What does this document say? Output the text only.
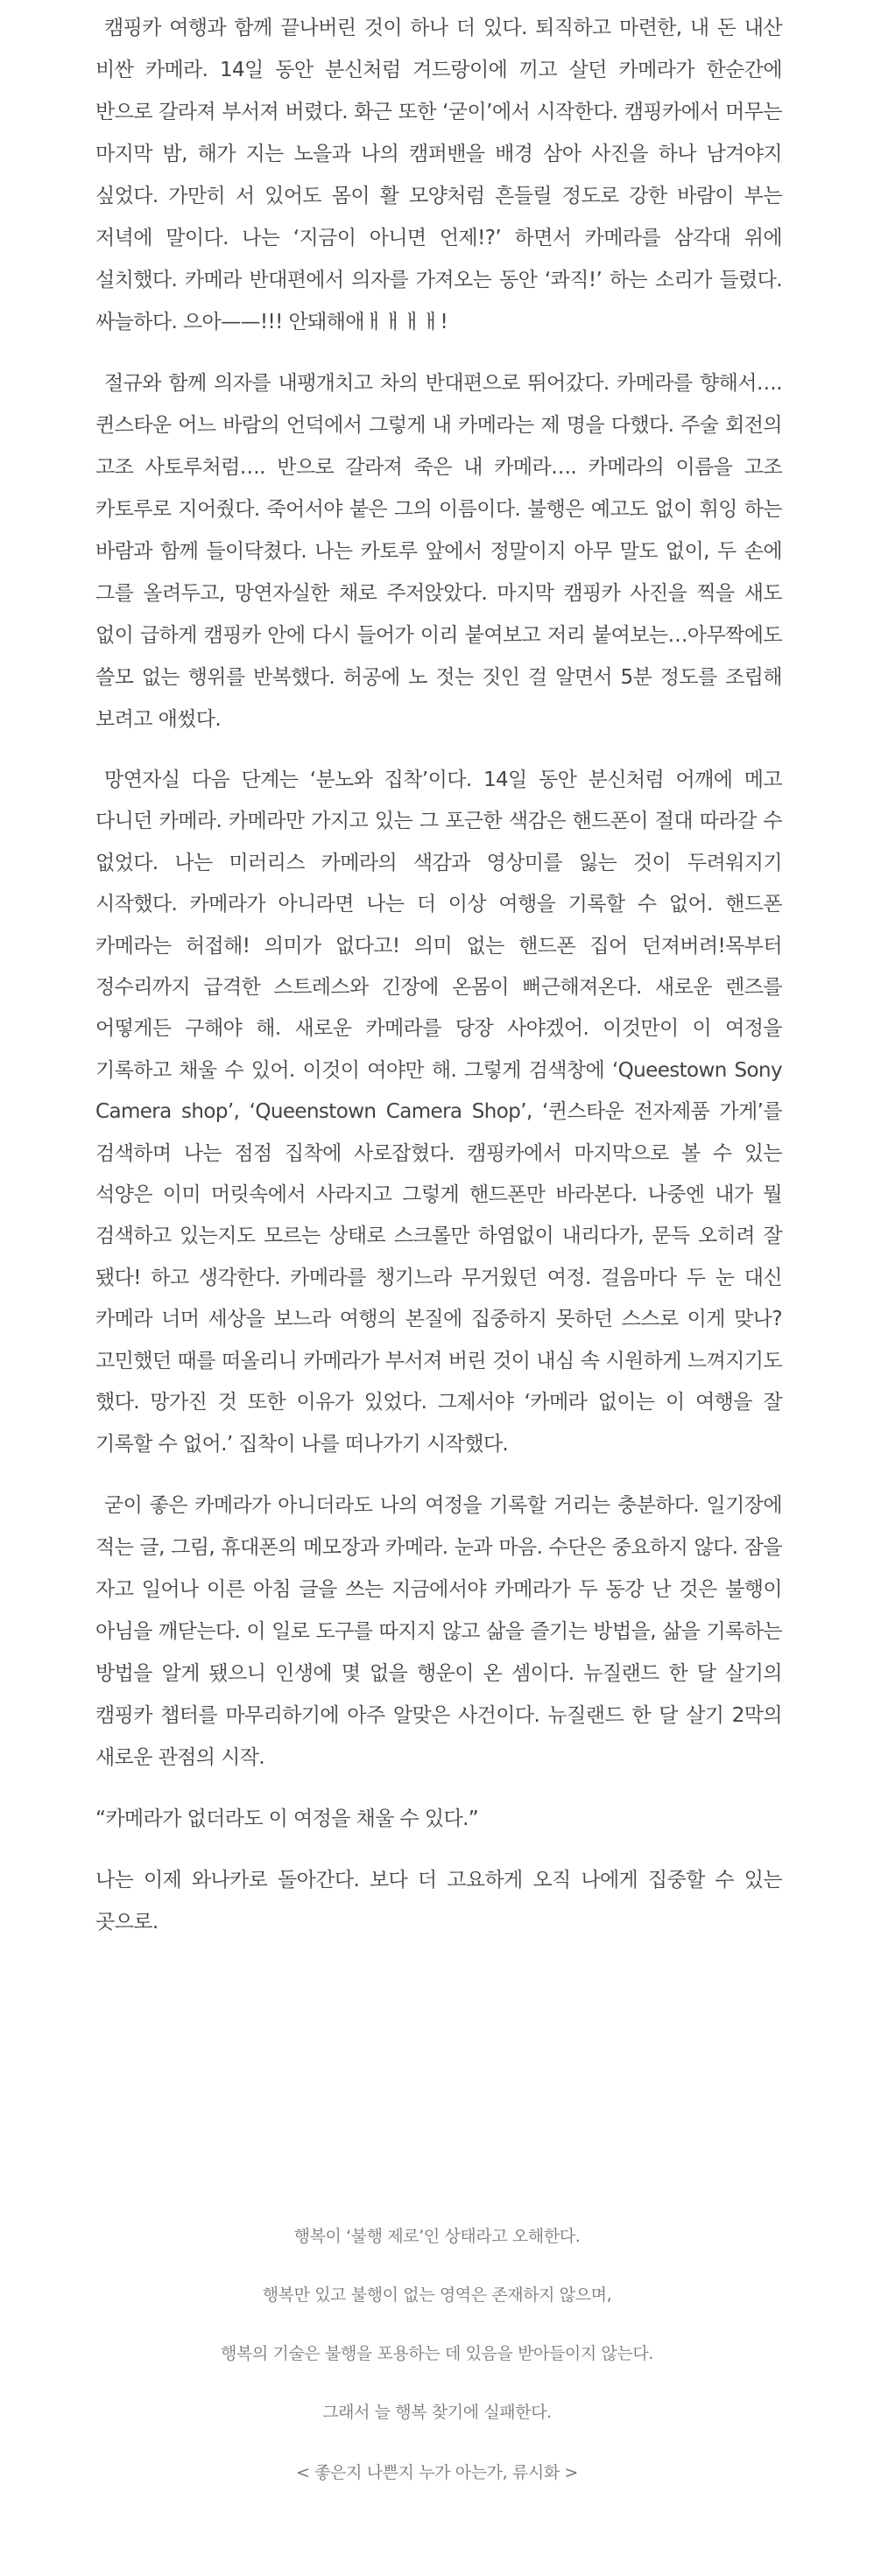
캠핑카 여행과 함께 끝나버린 것이 하나 더 있다. 퇴직하고 마련한, 내 돈 내산 비싼 카메라. 14일 동안 분신처럼 겨드랑이에 끼고 살던 카메라가 한순간에 반으로 갈라져 부서져 버렸다. 화근 또한 ‘굳이’에서 시작한다. 캠핑카에서 머무는 마지막 밤, 해가 지는 노을과 나의 캠퍼밴을 배경 삼아 사진을 하나 남겨야지 싶었다. 가만히 서 있어도 몸이 활 모양처럼 흔들릴 정도로 강한 바람이 부는 저녁에 말이다. 나는 ‘지금이 아니면 언제!?’ 하면서 카메라를 삼각대 위에 설치했다. 카메라 반대편에서 의자를 가져오는 동안 ‘콰직!’ 하는 소리가 들렸다. 싸늘하다. 으아——!!! 안돼해애ㅐㅐㅐㅐ!

절규와 함께 의자를 내팽개치고 차의 반대편으로 뛰어갔다. 카메라를 향해서…. 퀸스타운 어느 바람의 언덕에서 그렇게 내 카메라는 제 명을 다했다. 주술 회전의 고조 사토루처럼…. 반으로 갈라져 죽은 내 카메라…. 카메라의 이름을 고조 카토루로 지어줬다. 죽어서야 붙은 그의 이름이다. 불행은 예고도 없이 휘잉 하는 바람과 함께 들이닥쳤다. 나는 카토루 앞에서 정말이지 아무 말도 없이, 두 손에 그를 올려두고, 망연자실한 채로 주저앉았다. 마지막 캠핑카 사진을 찍을 새도 없이 급하게 캠핑카 안에 다시 들어가 이리 붙여보고 저리 붙여보는…아무짝에도 쓸모 없는 행위를 반복했다. 허공에 노 젓는 짓인 걸 알면서 5분 정도를 조립해 보려고 애썼다.

망연자실 다음 단계는 ‘분노와 집착’이다. 14일 동안 분신처럼 어깨에 메고 다니던 카메라. 카메라만 가지고 있는 그 포근한 색감은 핸드폰이 절대 따라갈 수 없었다. 나는 미러리스 카메라의 색감과 영상미를 잃는 것이 두려워지기 시작했다. 카메라가 아니라면 나는 더 이상 여행을 기록할 수 없어. 핸드폰 카메라는 허접해! 의미가 없다고! 의미 없는 핸드폰 집어 던져버려!목부터 정수리까지 급격한 스트레스와 긴장에 온몸이 뻐근해져온다. 새로운 렌즈를 어떻게든 구해야 해. 새로운 카메라를 당장 사야겠어. 이것만이 이 여정을 기록하고 채울 수 있어. 이것이 여야만 해. 그렇게 검색창에 ‘Queestown Sony Camera shop’, ‘Queenstown Camera Shop’, ‘퀸스타운 전자제품 가게’를 검색하며 나는 점점 집착에 사로잡혔다. 캠핑카에서 마지막으로 볼 수 있는 석양은 이미 머릿속에서 사라지고 그렇게 핸드폰만 바라본다. 나중엔 내가 뭘 검색하고 있는지도 모르는 상태로 스크롤만 하염없이 내리다가, 문득 오히려 잘 됐다! 하고 생각한다. 카메라를 챙기느라 무거웠던 여정. 걸음마다 두 눈 대신 카메라 너머 세상을 보느라 여행의 본질에 집중하지 못하던 스스로 이게 맞나? 고민했던 때를 떠올리니 카메라가 부서져 버린 것이 내심 속 시원하게 느껴지기도 했다. 망가진 것 또한 이유가 있었다. 그제서야 ‘카메라 없이는 이 여행을 잘 기록할 수 없어.’ 집착이 나를 떠나가기 시작했다.

굳이 좋은 카메라가 아니더라도 나의 여정을 기록할 거리는 충분하다. 일기장에 적는 글, 그림, 휴대폰의 메모장과 카메라. 눈과 마음. 수단은 중요하지 않다. 잠을 자고 일어나 이른 아침 글을 쓰는 지금에서야 카메라가 두 동강 난 것은 불행이 아님을 깨닫는다. 이 일로 도구를 따지지 않고 삶을 즐기는 방법을, 삶을 기록하는 방법을 알게 됐으니 인생에 몇 없을 행운이 온 셈이다. 뉴질랜드 한 달 살기의 캠핑카 챕터를 마무리하기에 아주 알맞은 사건이다. 뉴질랜드 한 달 살기 2막의 새로운 관점의 시작.

“카메라가 없더라도 이 여정을 채울 수 있다.”

나는 이제 와나카로 돌아간다. 보다 더 고요하게 오직 나에게 집중할 수 있는 곳으로.

행복이 ‘불행 제로’인 상태라고 오해한다.

행복만 있고 불행이 없는 영역은 존재하지 않으며,

행복의 기술은 불행을 포용하는 데 있음을 받아들이지 않는다.

그래서 늘 행복 찾기에 실패한다.

< 좋은지 나쁜지 누가 아는가, 류시화 >
